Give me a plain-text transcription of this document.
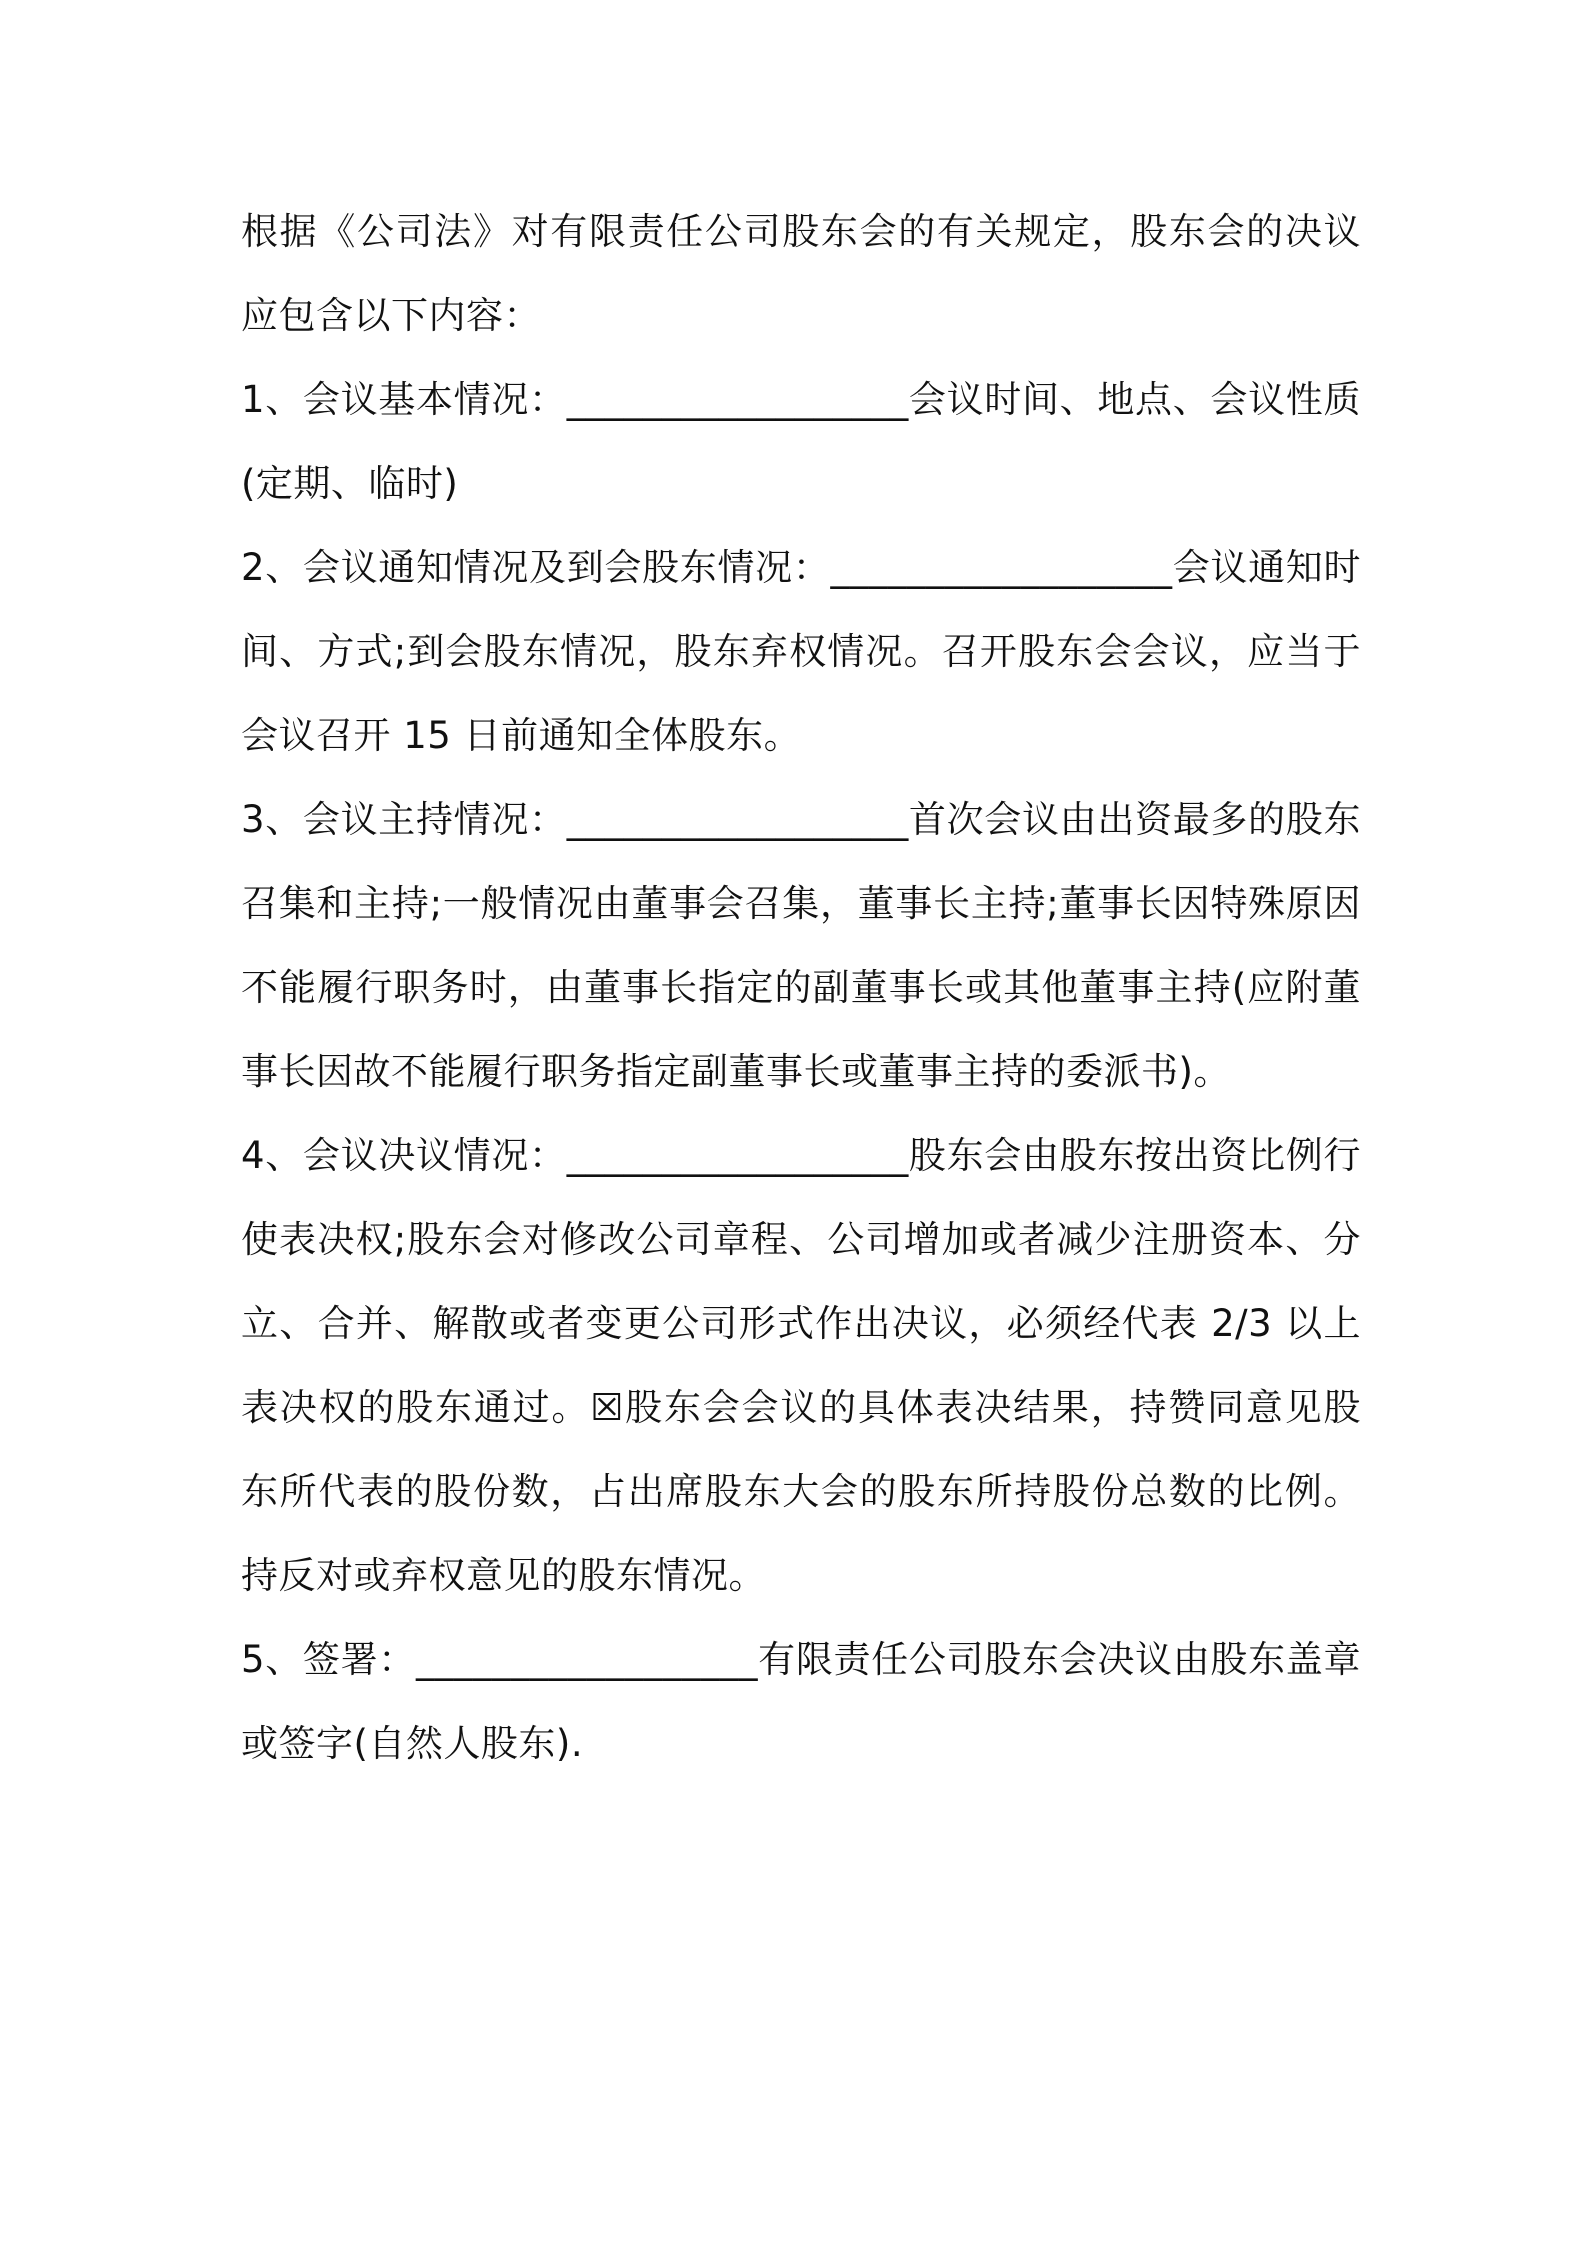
根据《公司法》对有限责任公司股东会的有关规定，股东会的决议应包含以下内容：

1、会议基本情况：__________________会议时间、地点、会议性质(定期、临时)

2、会议通知情况及到会股东情况：__________________会议通知时间、方式;到会股东情况，股东弃权情况。召开股东会会议，应当于会议召开 15 日前通知全体股东。

3、会议主持情况：__________________首次会议由出资最多的股东召集和主持;一般情况由董事会召集，董事长主持;董事长因特殊原因不能履行职务时，由董事长指定的副董事长或其他董事主持(应附董事长因故不能履行职务指定副董事长或董事主持的委派书)。

4、会议决议情况：__________________股东会由股东按出资比例行使表决权;股东会对修改公司章程、公司增加或者减少注册资本、分立、合并、解散或者变更公司形式作出决议，必须经代表 2/3 以上表决权的股东通过。☒股东会会议的具体表决结果，持赞同意见股东所代表的股份数，占出席股东大会的股东所持股份总数的比例。持反对或弃权意见的股东情况。

5、签署：__________________有限责任公司股东会决议由股东盖章或签字(自然人股东).
